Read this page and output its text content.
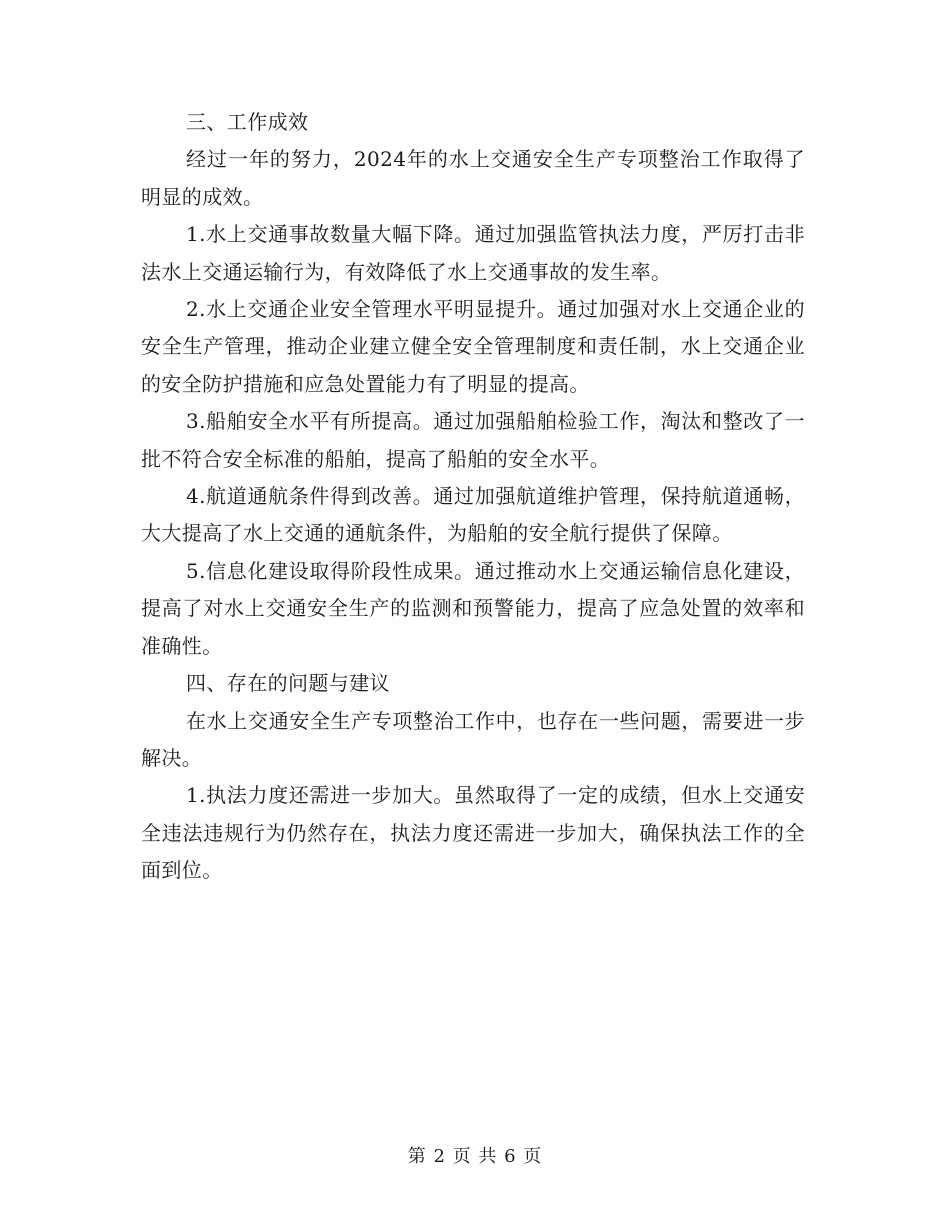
三、工作成效

经过一年的努力，2024年的水上交通安全生产专项整治工作取得了明显的成效。

1.水上交通事故数量大幅下降。通过加强监管执法力度，严厉打击非法水上交通运输行为，有效降低了水上交通事故的发生率。

2.水上交通企业安全管理水平明显提升。通过加强对水上交通企业的安全生产管理，推动企业建立健全安全管理制度和责任制，水上交通企业的安全防护措施和应急处置能力有了明显的提高。

3.船舶安全水平有所提高。通过加强船舶检验工作，淘汰和整改了一批不符合安全标准的船舶，提高了船舶的安全水平。

4.航道通航条件得到改善。通过加强航道维护管理，保持航道通畅，大大提高了水上交通的通航条件，为船舶的安全航行提供了保障。

5.信息化建设取得阶段性成果。通过推动水上交通运输信息化建设，提高了对水上交通安全生产的监测和预警能力，提高了应急处置的效率和准确性。

四、存在的问题与建议

在水上交通安全生产专项整治工作中，也存在一些问题，需要进一步解决。

1.执法力度还需进一步加大。虽然取得了一定的成绩，但水上交通安全违法违规行为仍然存在，执法力度还需进一步加大，确保执法工作的全面到位。

第 2 页 共 6 页
